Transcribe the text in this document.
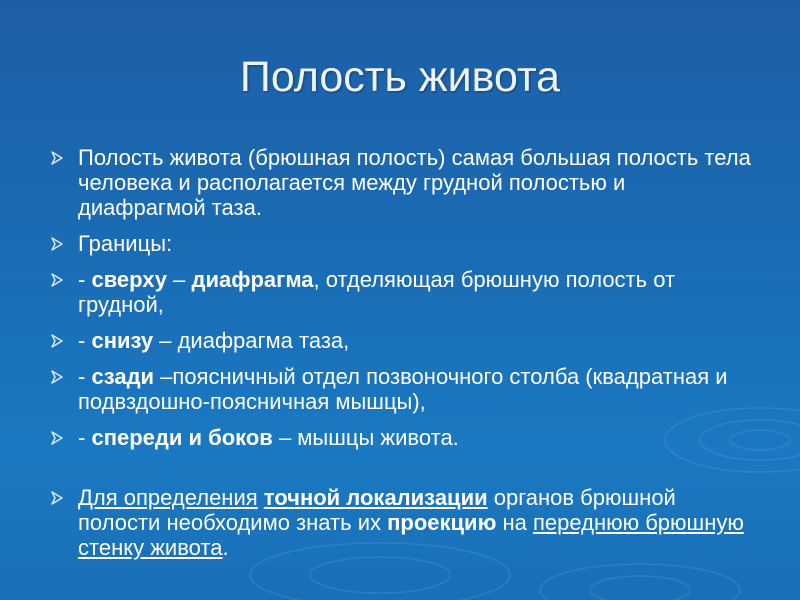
Полость живота

Полость живота (брюшная полость) самая большая полость тела человека и располагается между грудной полостью и диафрагмой таза.

Границы:

- сверху – диафрагма, отделяющая брюшную полость от грудной,

- снизу – диафрагма таза,

- сзади –поясничный отдел позвоночного столба (квадратная и подвздошно-поясничная мышцы),

- спереди и боков – мышцы живота.

Для определения точной локализации органов брюшной полости необходимо знать их проекцию на переднюю брюшную стенку живота.
